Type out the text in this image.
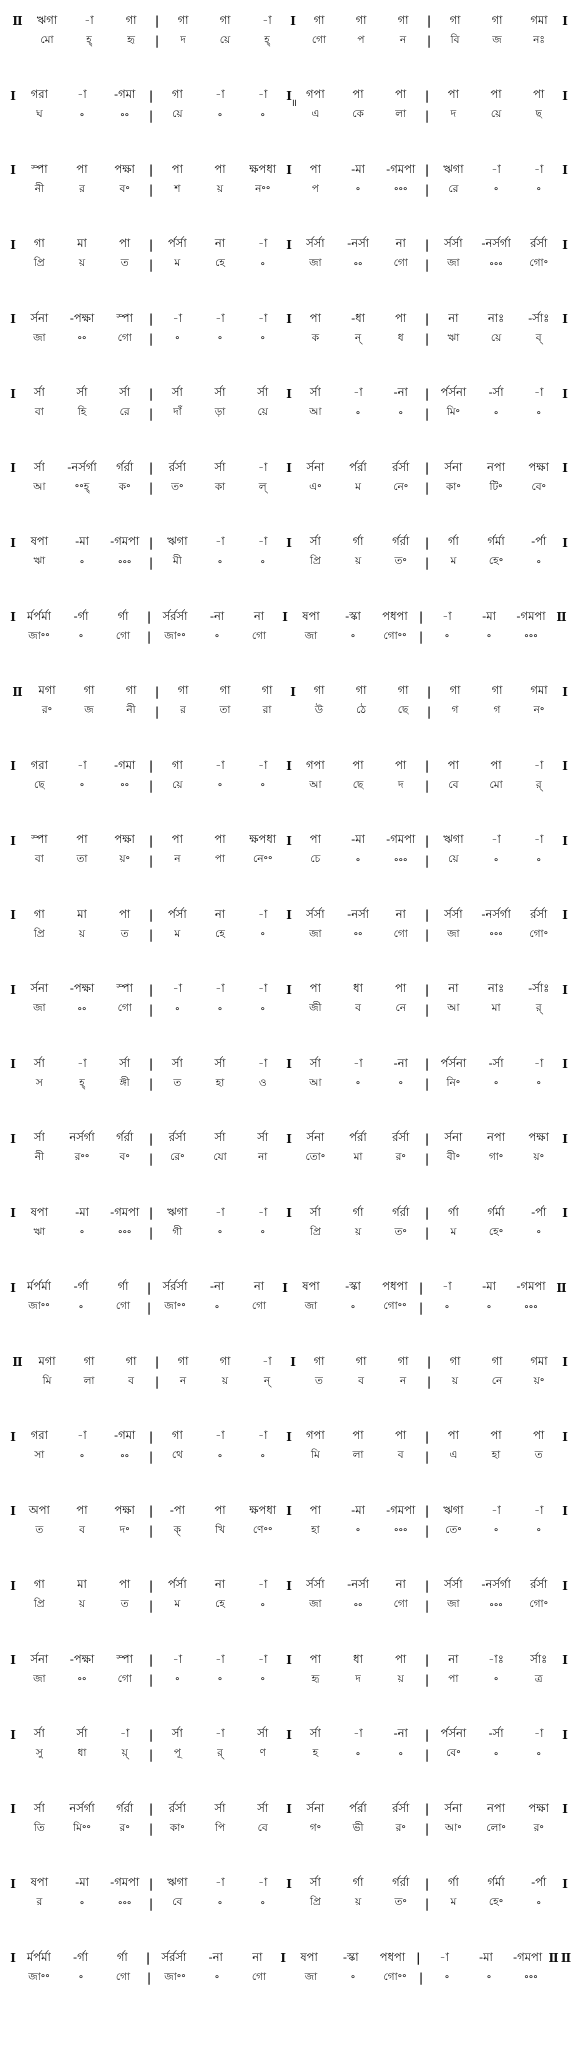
॥
II	ঋগা	-া	গা	|	গা	গা	-া	I	গা	গা	গা	|	গা	গা	গমা	I
মো	হ্	হৃ	|	দ	য়ে	হ্	গো	প	ন	|	বি	জ	নঃ
I	গরা	-া	-গমা	|	গা	-া	-া	I	গপা	পা	পা	|	পা	পা	পা	I
ঘ	॰	॰॰	|	য়ে	॰	॰	এ	কে	লা	|	দ	য়ে	ছ
I	স্পা	পা	পক্ষা	|	পা	পা	ক্ষপধা I	পা	-মা	-গমপা |	ঋগা	-া	-া	I
নী	র	ব॰	|	শ	য়	ন॰॰	প	॰	॰॰॰	|	রে	॰	॰
I	গা	মা	পা	|	র্পর্সা	না	-া	I	র্সর্সা	-নর্সা	না	|	র্সর্সা	-নর্সর্গা	র্রর্সা	I
প্রি	য়	ত	|	ম	হে	॰	জা	॰॰	গো	|	জা	॰॰॰	গো॰
I	র্সনা	-পক্ষা	স্পা	|	-া	-া	-া	I	পা	-ধা	পা	|	না	নাঃ	-র্সাঃ	I
জা	॰॰	গো	|	॰	॰	॰	ক	ন্	ধ	|	ঋা	য়ে	ব্
I	র্সা	র্সা	র্সা	|	র্সা	র্সা	র্সা	I	র্সা	-া	-না	| র্পর্সনা	-র্সা	-া	I
বা	হি	রে	|	দাঁ	ড়া	য়ে	আ	॰	॰	|	মি॰	॰	॰
I	র্সা	-নর্সর্গা	র্গর্রা	|	র্রর্সা	র্সা	-া	I	র্সনা	র্পর্রা	র্রর্সা	|	র্সনা	নপা	পক্ষা	I
আ	॰॰হ্	ক॰	|	ত॰	কা	ল্	এ॰	ম	নে॰	|	কা॰	টি॰	বে॰
I	ষপা	-মা	-গমপা |	ঋগা	-া	-া	I	র্সা	র্গা	র্গর্রা	|	র্গা	র্গর্মা	-র্পা	I
ঋা	॰	॰॰॰	|	মী	॰	॰	প্রি	য়	ত॰	|	ম	হে॰	॰
I র্মর্পর্মা	-র্গা	র্গা	| র্সর্রর্সা	-না	না	I	ষপা	-স্কা	পধপা |	-া	-মা	-গমপা II
জা॰॰	॰	গো	|	জা॰॰	॰	গো	জা	॰	গো॰॰	|	॰	॰	॰॰॰
II	মগা	গা	গা	|	গা	গা	গা	I	গা	গা	গা	|	গা	গা	গমা	I
র॰	জ	নী	|	র	তা	রা	উ	ঠে	ছে	|	গ	গ	ন॰
I	গরা	-া	-গমা	|	গা	-া	-া	I	গপা	পা	পা	|	পা	পা	-া	I
ছে	॰	॰॰	|	য়ে	॰	॰	আ	ছে	দ	|	বে	মো	র্
I	স্পা	পা	পক্ষা	|	পা	পা	ক্ষপধা I	পা	-মা	-গমপা |	ঋগা	-া	-া	I
বা	তা	য়॰	|	ন	পা	নে॰॰	চে	॰	॰॰॰	|	য়ে	॰	॰
I	গা	মা	পা	|	র্পর্সা	না	-া	I	র্সর্সা	-নর্সা	না	|	র্সর্সা	-নর্সর্গা	র্রর্সা	I
প্রি	য়	ত	|	ম	হে	॰	জা	॰॰	গো	|	জা	॰॰॰	গো॰
I	র্সনা	-পক্ষা	স্পা	|	-া	-া	-া	I	পা	ধা	পা	|	না	নাঃ	-র্সাঃ	I
জা	॰॰	গো	|	॰	॰	॰	জী	ব	নে	|	আ	মা	র্
I	র্সা	-া	র্সা	|	র্সা	র্সা	-া	I	র্সা	-া	-না	| র্পর্সনা	-র্সা	-া	I
স	হ্	ঙ্গী	|	ত	হা	ও	আ	॰	॰	|	নি॰	॰	॰
I	র্সা	নর্সর্গা	র্গর্রা	|	র্রর্সা	র্সা	র্সা	I	র্সনা	র্পর্রা	র্রর্সা	|	র্সনা	নপা	পক্ষা	I
নী	র॰॰	ব॰	|	রে॰	যো	না	তো॰	মা	র॰	|	বী॰	গা॰	য়॰
I	ষপা	-মা	-গমপা |	ঋগা	-া	-া	I	র্সা	র্গা	র্গর্রা	|	র্গা	র্গর্মা	-র্পা	I
ঋা	॰	॰॰॰	|	গী	॰	॰	প্রি	য়	ত॰	|	ম	হে॰	॰
I র্মর্পর্মা	-র্গা	র্গা	| র্সর্রর্সা	-না	না	I	ষপা	-স্কা	পধপা |	-া	-মা	-গমপা II
জা॰॰	॰	গো	|	জা॰॰	॰	গো	জা	॰	গো॰॰	|	॰	॰	॰॰॰
II	মগা	গা	গা	|	গা	গা	-া	I	গা	গা	গা	|	গা	গা	গমা	I
মি	লা	ব	|	ন	য়	ন্	ত	ব	ন	|	য়	নে	য়॰
I	গরা	-া	-গমা	|	গা	-া	-া	I	গপা	পা	পা	|	পা	পা	পা	I
সা	॰	॰॰	|	থে	॰	॰	মি	লা	ব	|	এ	হা	ত
I	অপা	পা	পক্ষা	|	-পা	পা	ক্ষপধা I	পা	-মা	-গমপা |	ঋগা	-া	-া	I
ত	ব	দ॰	|	ক্	খি	ণে॰॰	হা	॰	॰॰॰	|	তে॰	॰	॰
I	গা	মা	পা	|	র্পর্সা	না	-া	I	র্সর্সা	-নর্সা	না	|	র্সর্সা	-নর্সর্গা	র্রর্সা	I
প্রি	য়	ত	|	ম	হে	॰	জা	॰॰	গো	|	জা	॰॰॰	গো॰
I	র্সনা	-পক্ষা	স্পা	|	-া	-া	-া	I	পা	ধা	পা	|	না	-াঃ	র্সাঃ	I
জা	॰॰	গো	|	॰	॰	॰	হৃ	দ	য়	|	পা	॰	ত্র
I	র্সা	র্সা	-া	|	র্সা	-া	র্সা	I	র্সা	-া	-না	| র্পর্সনা	-র্সা	-া	I
সু	ধা	য়্	|	পূ	র্	ণ	হ	॰	॰	|	বে॰	॰	॰
I	র্সা	নর্সর্গা	র্গর্রা	|	র্রর্সা	র্সা	র্সা	I	র্সনা	র্পর্রা	র্রর্সা	|	র্সনা	নপা	পক্ষা	I
তি	মি॰॰	র॰	|	কা॰	পি	বে	গ॰	ভী	র॰	|	আ॰	লো॰	র॰
I	ষপা	-মা	-গমপা |	ঋগা	-া	-া	I	র্সা	র্গা	র্গর্রা	|	র্গা	র্গর্মা	-র্পা	I
র	॰	॰॰॰	|	বে	॰	॰	প্রি	য়	ত॰	|	ম	হে॰	॰
I র্মর্পর্মা	-র্গা	র্গা	| র্সর্রর্সা	-না	না	I	ষপা	-স্কা	পধপা |	-া	-মা	-গমপা II II
জা॰॰	॰	গো	|	জা॰॰	॰	গো	জা	॰	গো॰॰	|	॰	॰	॰॰॰
